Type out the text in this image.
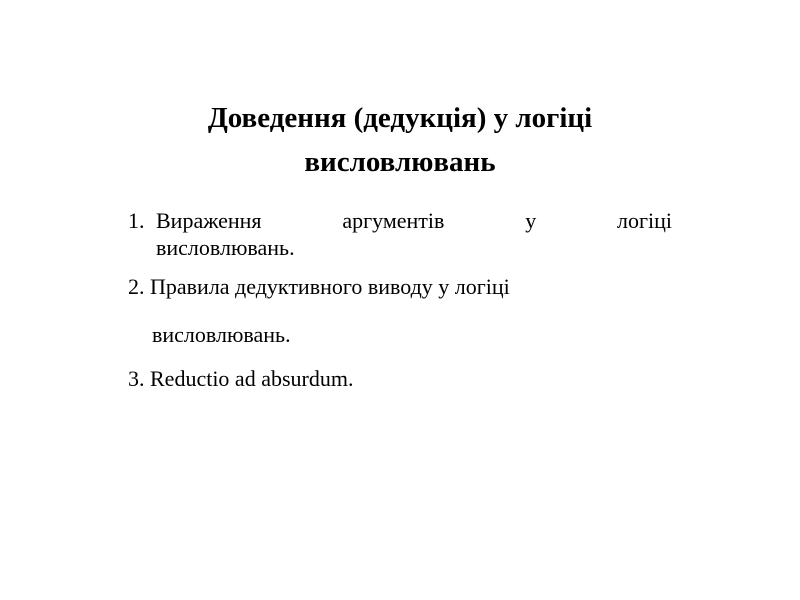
Доведення (дедукція) у логіці
висловлювань
1. Вираження аргументів у логіці
висловлювань.
2. Правила дедуктивного виводу у логіці
висловлювань.
3. Reductio ad absurdum.
